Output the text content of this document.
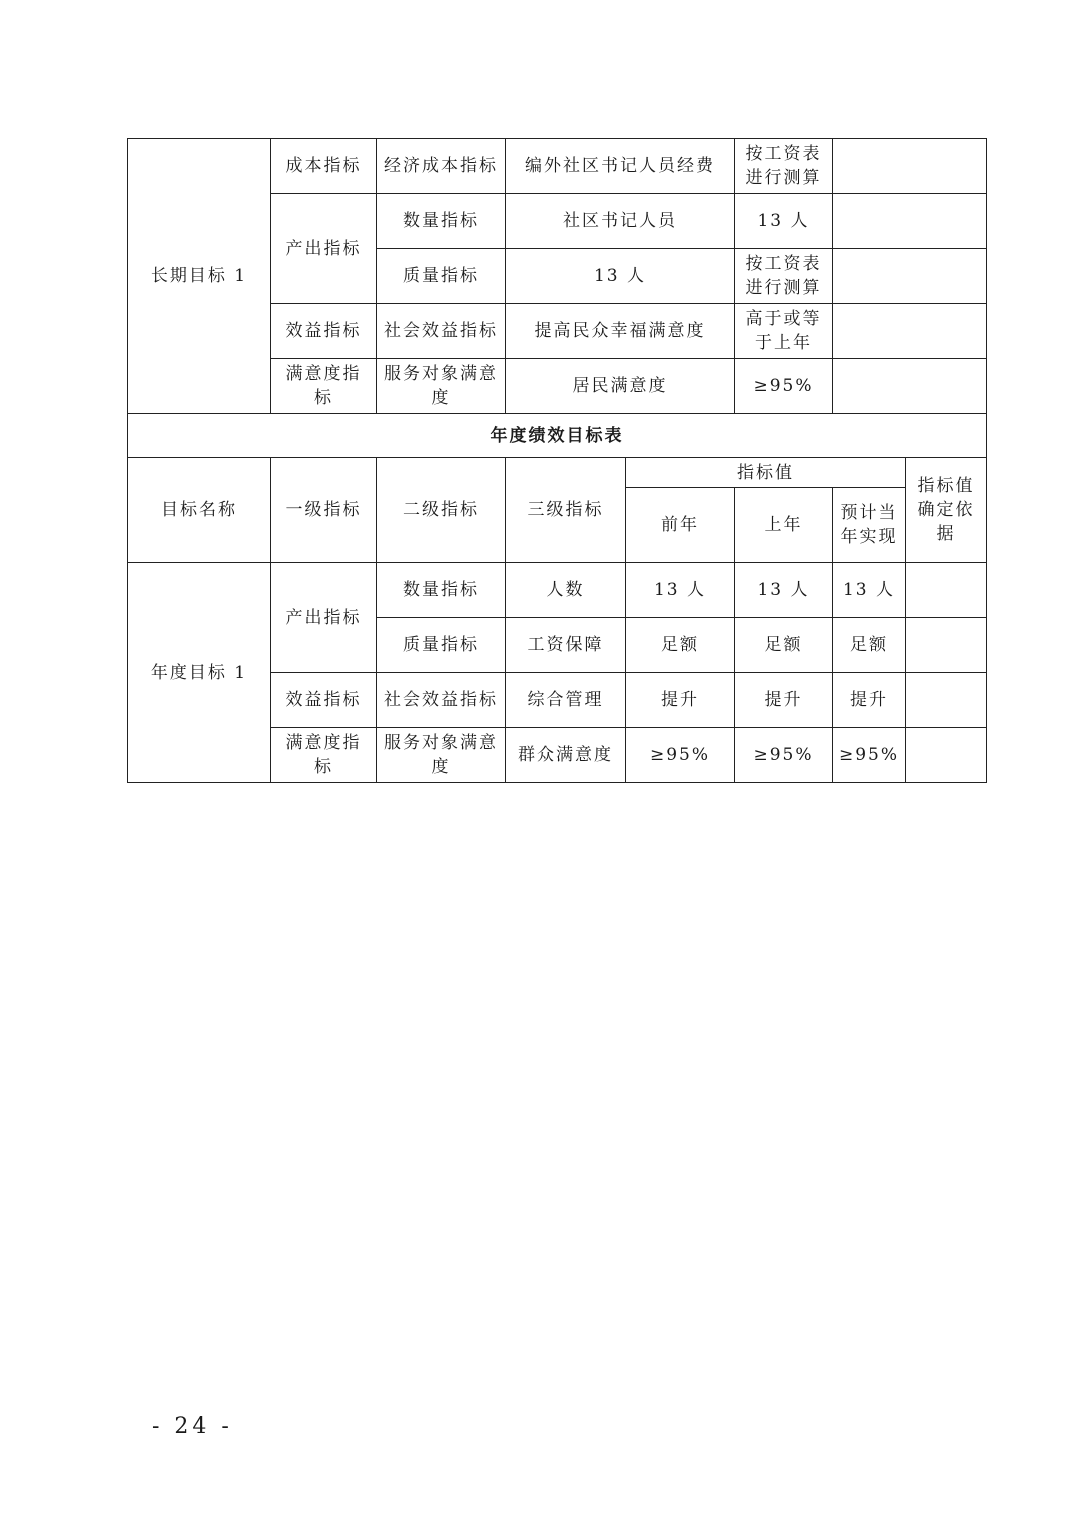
长期目标 1	成本指标	经济成本指标	编外社区书记人员经费		按工资表进行测算		
	产出指标	数量指标	社区书记人员		13 人		
		质量指标	13 人		按工资表进行测算		
	效益指标	社会效益指标	提高民众幸福满意度		高于或等于上年		
	满意度指标	服务对象满意度	居民满意度		≥95%		
年度绩效目标表							
目标名称	一级指标	二级指标	三级指标	指标值			指标值确定依据
				前年	上年	预计当年实现	
年度目标 1	产出指标	数量指标	人数	13 人	13 人	13 人	
		质量指标	工资保障	足额	足额	足额	
	效益指标	社会效益指标	综合管理	提升	提升	提升	
	满意度指标	服务对象满意度	群众满意度	≥95%	≥95%	≥95%	
- 24 -
